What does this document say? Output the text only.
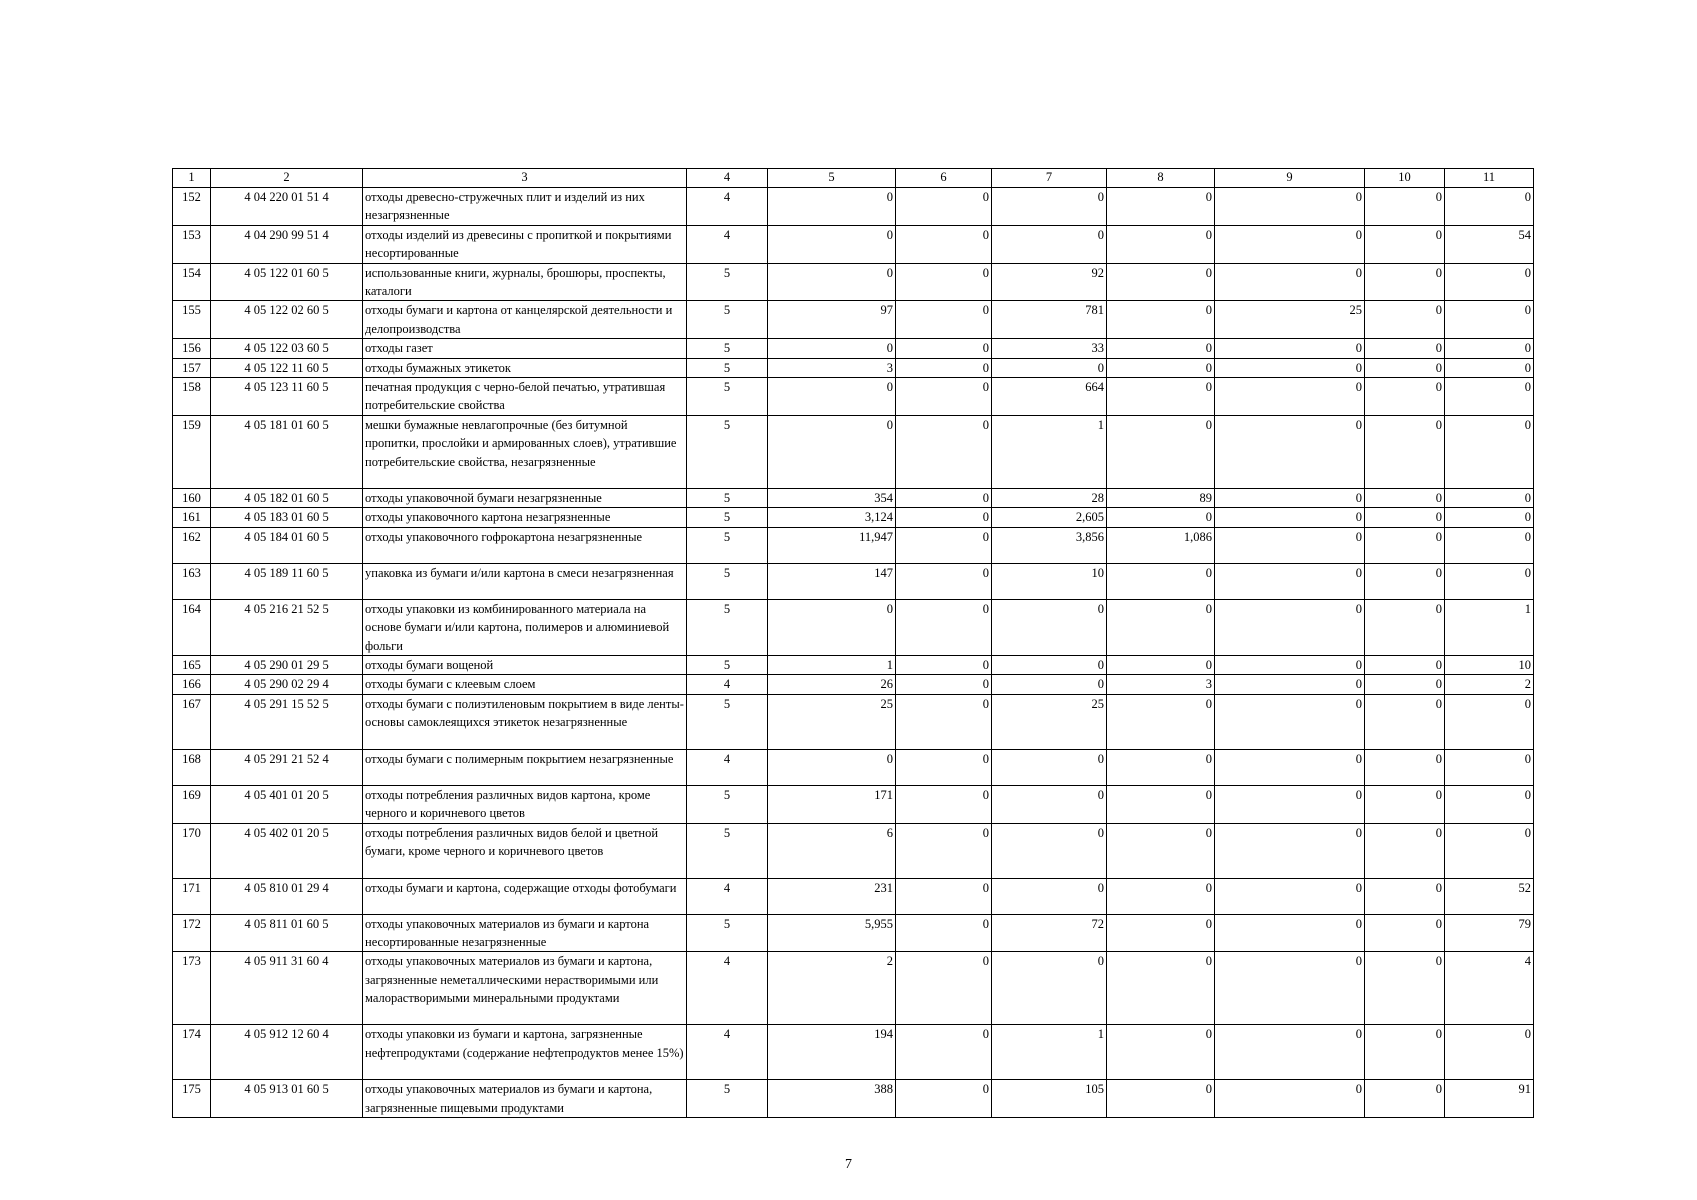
1	2	3	4	5	6	7	8	9	10	11
152	4 04 220 01 51 4	отходы древесно-стружечных плит и изделий из них незагрязненные	4	0	0	0	0	0	0	0
153	4 04 290 99 51 4	отходы изделий из древесины с пропиткой и покрытиями несортированные	4	0	0	0	0	0	0	54
154	4 05 122 01 60 5	использованные книги, журналы, брошюры, проспекты, каталоги	5	0	0	92	0	0	0	0
155	4 05 122 02 60 5	отходы бумаги и картона от канцелярской деятельности и делопроизводства	5	97	0	781	0	25	0	0
156	4 05 122 03 60 5	отходы газет	5	0	0	33	0	0	0	0
157	4 05 122 11 60 5	отходы бумажных этикеток	5	3	0	0	0	0	0	0
158	4 05 123 11 60 5	печатная продукция с черно-белой печатью, утратившая потребительские свойства	5	0	0	664	0	0	0	0
159	4 05 181 01 60 5	мешки бумажные невлагопрочные (без битумной пропитки, прослойки и армированных слоев), утратившие потребительские свойства, незагрязненные	5	0	0	1	0	0	0	0
160	4 05 182 01 60 5	отходы упаковочной бумаги незагрязненные	5	354	0	28	89	0	0	0
161	4 05 183 01 60 5	отходы упаковочного картона незагрязненные	5	3,124	0	2,605	0	0	0	0
162	4 05 184 01 60 5	отходы упаковочного гофрокартона незагрязненные	5	11,947	0	3,856	1,086	0	0	0
163	4 05 189 11 60 5	упаковка из бумаги и/или картона в смеси незагрязненная	5	147	0	10	0	0	0	0
164	4 05 216 21 52 5	отходы упаковки из комбинированного материала на основе бумаги и/или картона, полимеров и алюминиевой фольги	5	0	0	0	0	0	0	1
165	4 05 290 01 29 5	отходы бумаги вощеной	5	1	0	0	0	0	0	10
166	4 05 290 02 29 4	отходы бумаги с клеевым слоем	4	26	0	0	3	0	0	2
167	4 05 291 15 52 5	отходы бумаги с полиэтиленовым покрытием в виде ленты-основы самоклеящихся этикеток незагрязненные	5	25	0	25	0	0	0	0
168	4 05 291 21 52 4	отходы бумаги с полимерным покрытием незагрязненные	4	0	0	0	0	0	0	0
169	4 05 401 01 20 5	отходы потребления различных видов картона, кроме черного и коричневого цветов	5	171	0	0	0	0	0	0
170	4 05 402 01 20 5	отходы потребления различных видов белой и цветной бумаги, кроме черного и коричневого цветов	5	6	0	0	0	0	0	0
171	4 05 810 01 29 4	отходы бумаги и картона, содержащие отходы фотобумаги	4	231	0	0	0	0	0	52
172	4 05 811 01 60 5	отходы упаковочных материалов из бумаги и картона несортированные незагрязненные	5	5,955	0	72	0	0	0	79
173	4 05 911 31 60 4	отходы упаковочных материалов из бумаги и картона, загрязненные неметаллическими нерастворимыми или малорастворимыми минеральными продуктами	4	2	0	0	0	0	0	4
174	4 05 912 12 60 4	отходы упаковки из бумаги и картона, загрязненные нефтепродуктами (содержание нефтепродуктов менее 15%)	4	194	0	1	0	0	0	0
175	4 05 913 01 60 5	отходы упаковочных материалов из бумаги и картона, загрязненные пищевыми продуктами	5	388	0	105	0	0	0	91
7
